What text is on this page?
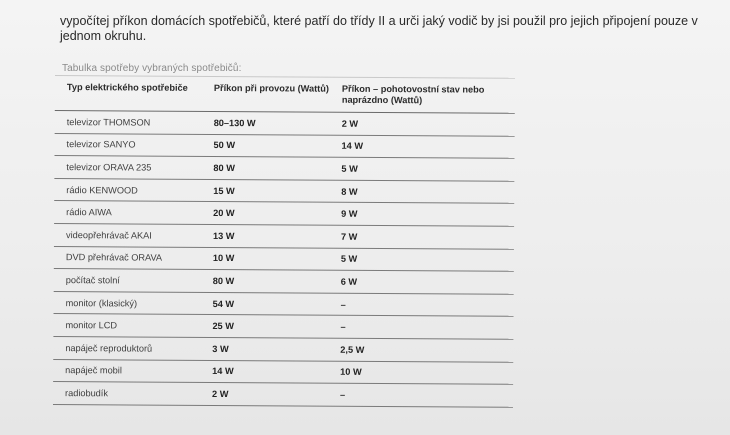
vypočítej příkon domácích spotřebičů, které patří do třídy II a urči jaký vodič by jsi použil pro jejich připojení pouze v jednom okruhu.
Tabulka spotřeby vybraných spotřebičů:
Typ elektrického spotřebiče	Příkon při provozu (Wattů)	Příkon – pohotovostní stav nebo naprázdno (Wattů)
televizor THOMSON	80–130 W	2 W
televizor SANYO	50 W	14 W
televizor ORAVA 235	80 W	5 W
rádio KENWOOD	15 W	8 W
rádio AIWA	20 W	9 W
videopřehrávač AKAI	13 W	7 W
DVD přehrávač ORAVA	10 W	5 W
počítač stolní	80 W	6 W
monitor (klasický)	54 W	–
monitor LCD	25 W	–
napáječ reproduktorů	3 W	2,5 W
napáječ mobil	14 W	10 W
radiobudík	2 W	–
